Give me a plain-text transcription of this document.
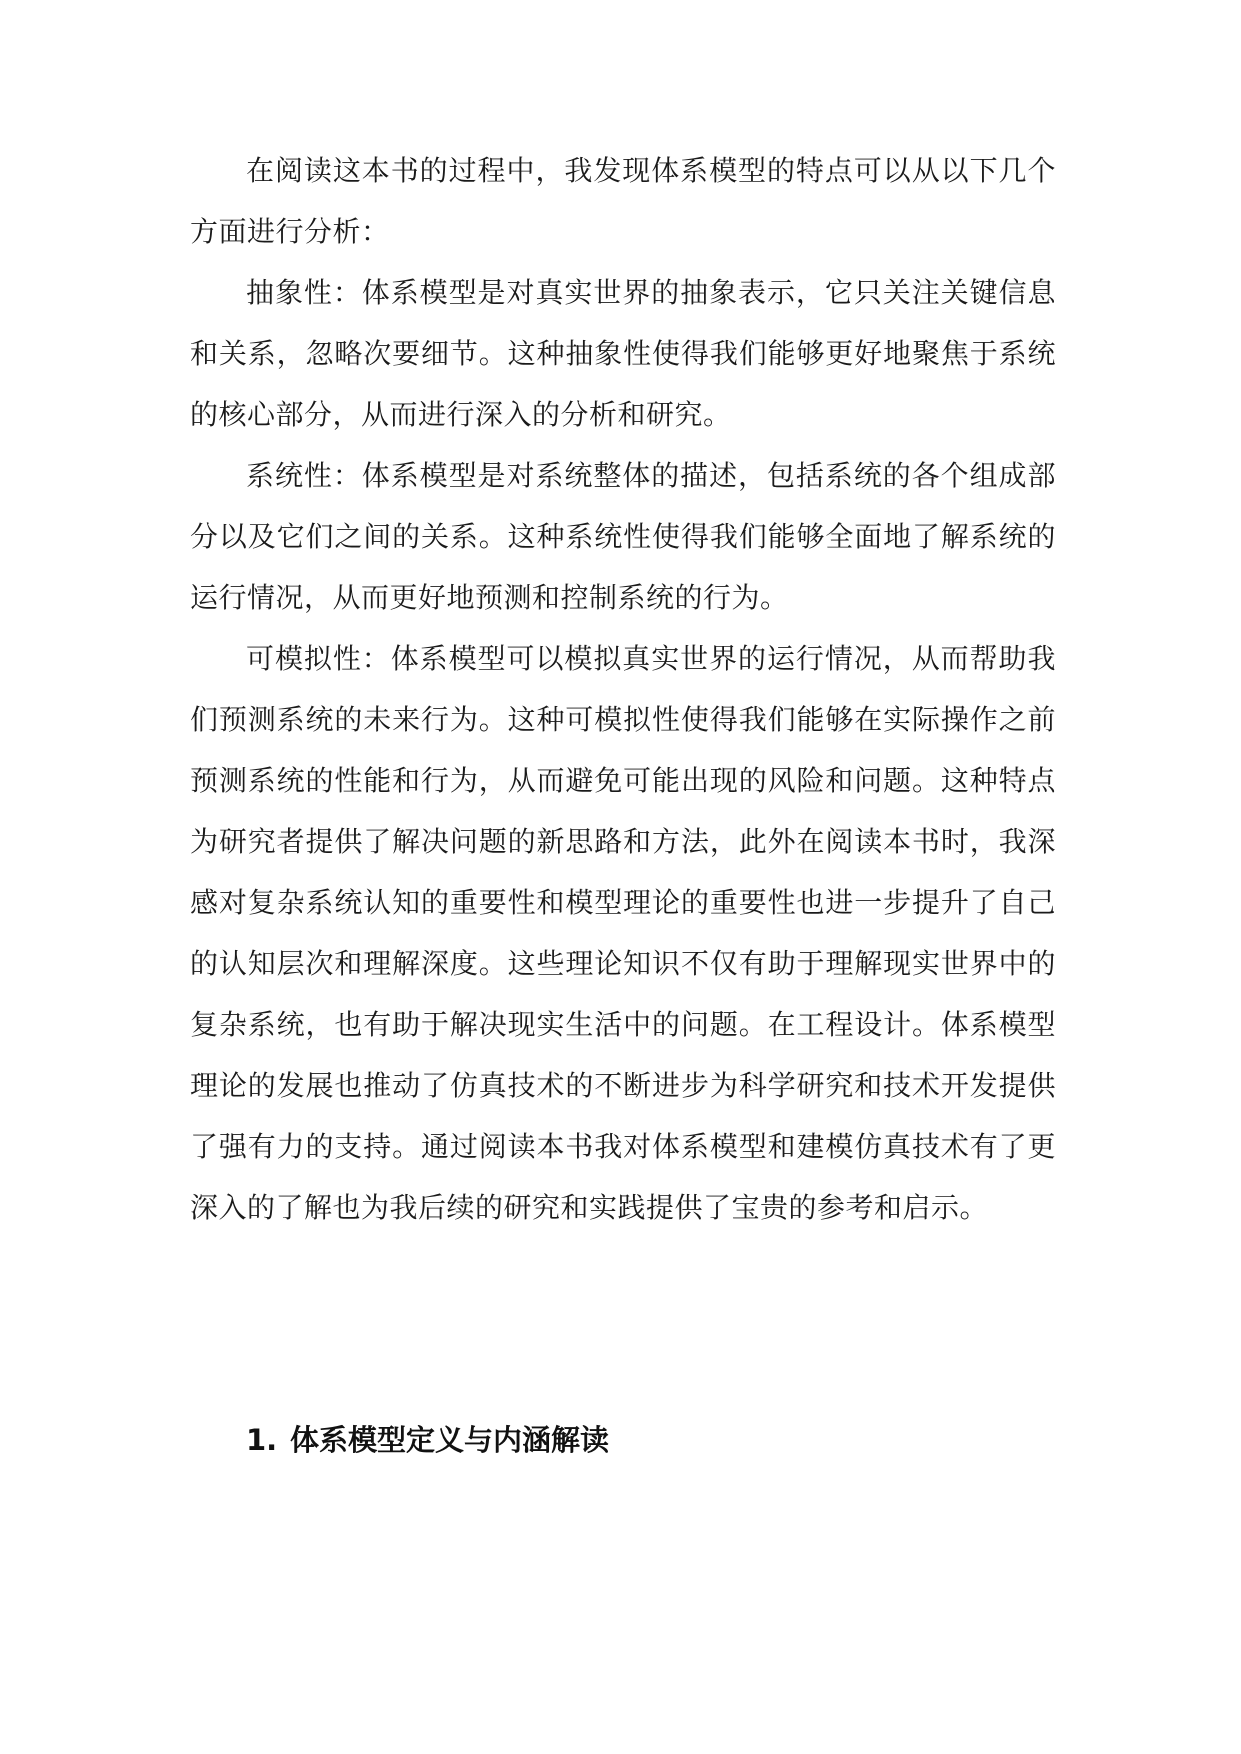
在阅读这本书的过程中，我发现体系模型的特点可以从以下几个方面进行分析：

抽象性：体系模型是对真实世界的抽象表示，它只关注关键信息和关系，忽略次要细节。这种抽象性使得我们能够更好地聚焦于系统的核心部分，从而进行深入的分析和研究。

系统性：体系模型是对系统整体的描述，包括系统的各个组成部分以及它们之间的关系。这种系统性使得我们能够全面地了解系统的运行情况，从而更好地预测和控制系统的行为。

可模拟性：体系模型可以模拟真实世界的运行情况，从而帮助我们预测系统的未来行为。这种可模拟性使得我们能够在实际操作之前预测系统的性能和行为，从而避免可能出现的风险和问题。这种特点为研究者提供了解决问题的新思路和方法，此外在阅读本书时，我深感对复杂系统认知的重要性和模型理论的重要性也进一步提升了自己的认知层次和理解深度。这些理论知识不仅有助于理解现实世界中的复杂系统，也有助于解决现实生活中的问题。在工程设计。体系模型理论的发展也推动了仿真技术的不断进步为科学研究和技术开发提供了强有力的支持。通过阅读本书我对体系模型和建模仿真技术有了更深入的了解也为我后续的研究和实践提供了宝贵的参考和启示。

1. 体系模型定义与内涵解读
